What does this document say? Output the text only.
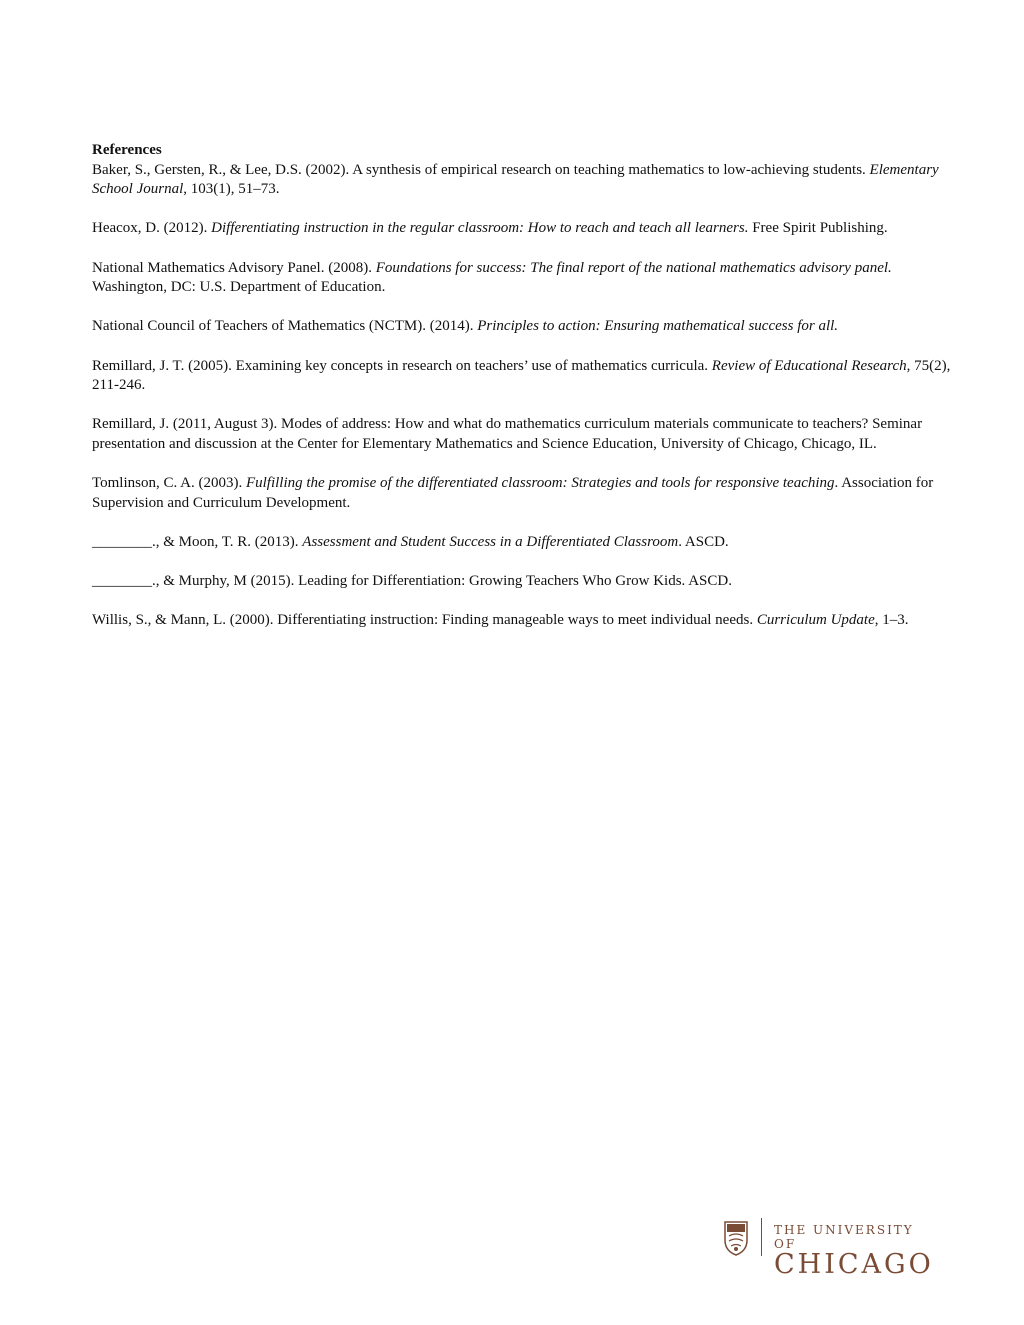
References

Baker, S., Gersten, R., & Lee, D.S. (2002). A synthesis of empirical research on teaching mathematics to low-achieving students. Elementary School Journal, 103(1), 51–73.

Heacox, D. (2012). Differentiating instruction in the regular classroom: How to reach and teach all learners. Free Spirit Publishing.

National Mathematics Advisory Panel. (2008). Foundations for success: The final report of the national mathematics advisory panel. Washington, DC: U.S. Department of Education.

National Council of Teachers of Mathematics (NCTM). (2014). Principles to action: Ensuring mathematical success for all.

Remillard, J. T. (2005). Examining key concepts in research on teachers’ use of mathematics curricula. Review of Educational Research, 75(2), 211-246.

Remillard, J. (2011, August 3). Modes of address: How and what do mathematics curriculum materials communicate to teachers? Seminar presentation and discussion at the Center for Elementary Mathematics and Science Education, University of Chicago, Chicago, IL.

Tomlinson, C. A. (2003). Fulfilling the promise of the differentiated classroom: Strategies and tools for responsive teaching. Association for Supervision and Curriculum Development.

________., & Moon, T. R. (2013). Assessment and Student Success in a Differentiated Classroom. ASCD.

________., & Murphy, M (2015). Leading for Differentiation: Growing Teachers Who Grow Kids. ASCD.

Willis, S., & Mann, L. (2000). Differentiating instruction: Finding manageable ways to meet individual needs. Curriculum Update, 1–3.

THE UNIVERSITY OF
CHICAGO
